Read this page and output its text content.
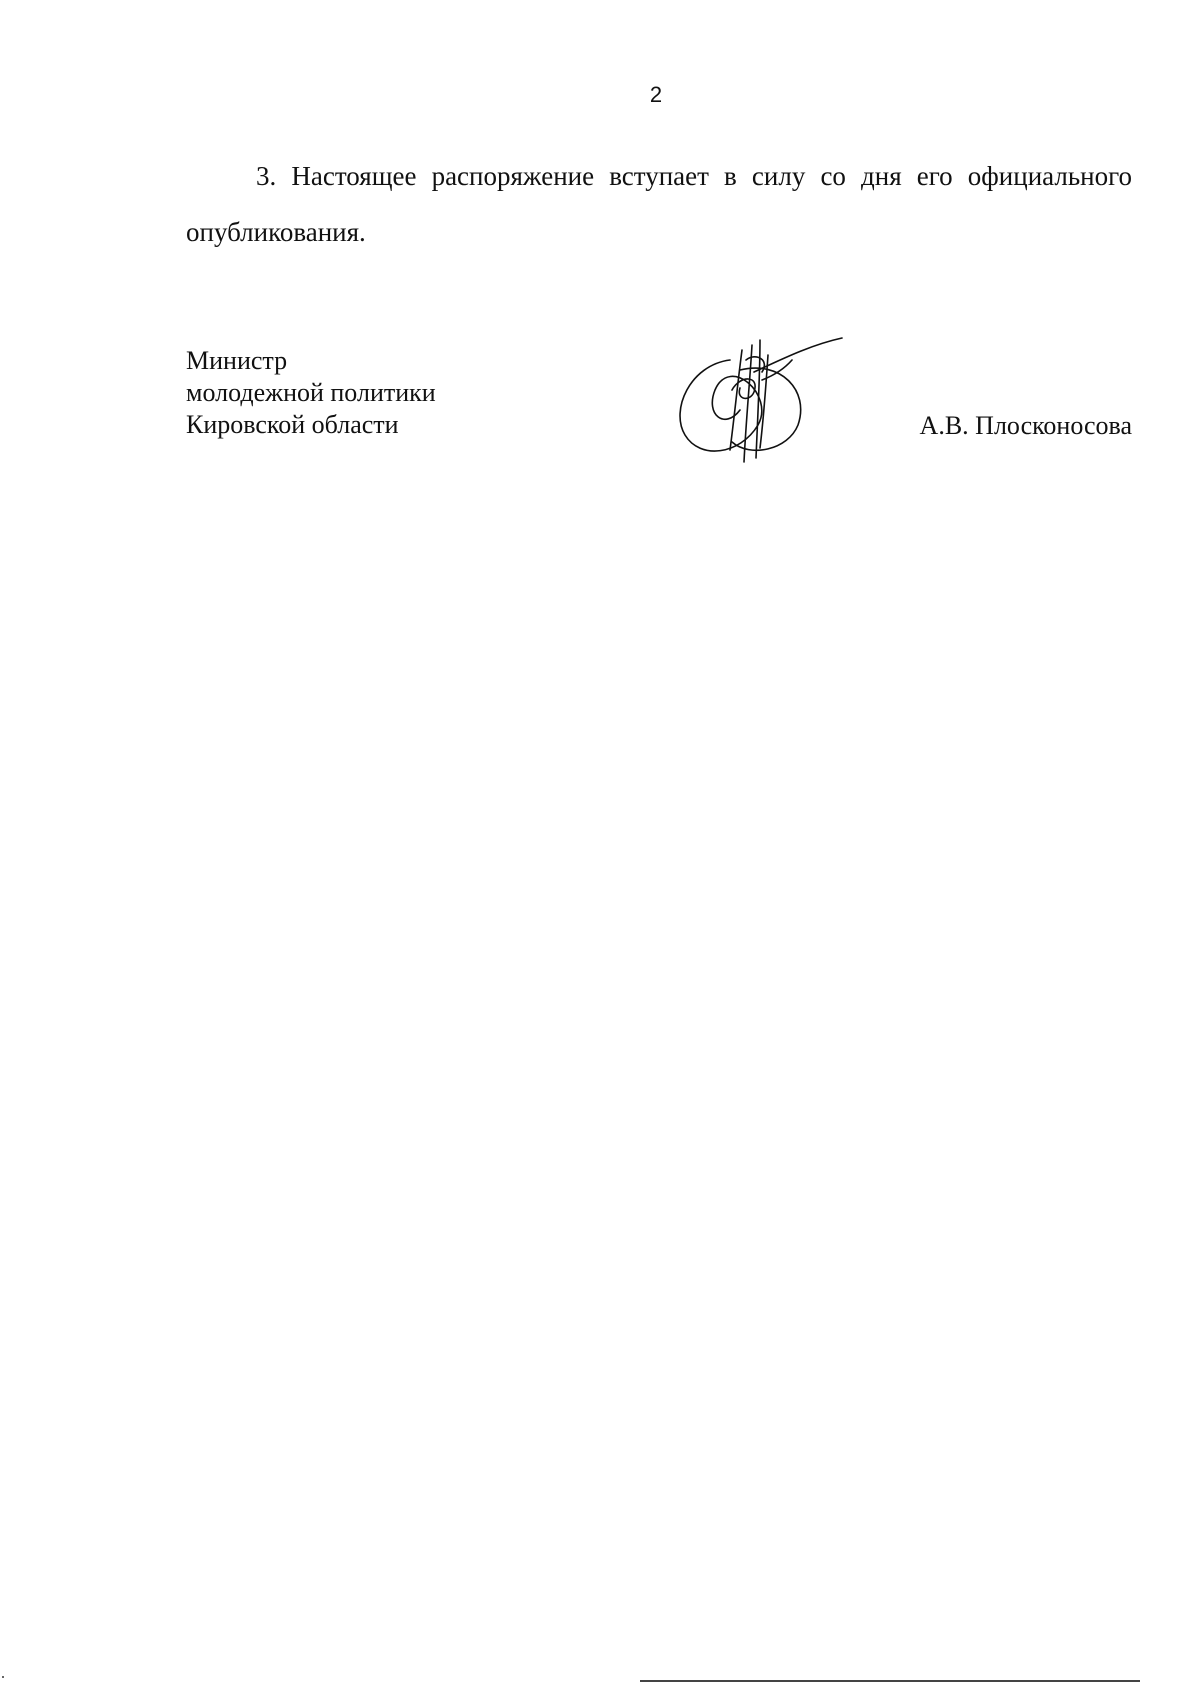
2

3. Настоящее распоряжение вступает в силу со дня его официального опубликования.

Министр
молодежной политики
Кировской области	А.В. Плосконосова
